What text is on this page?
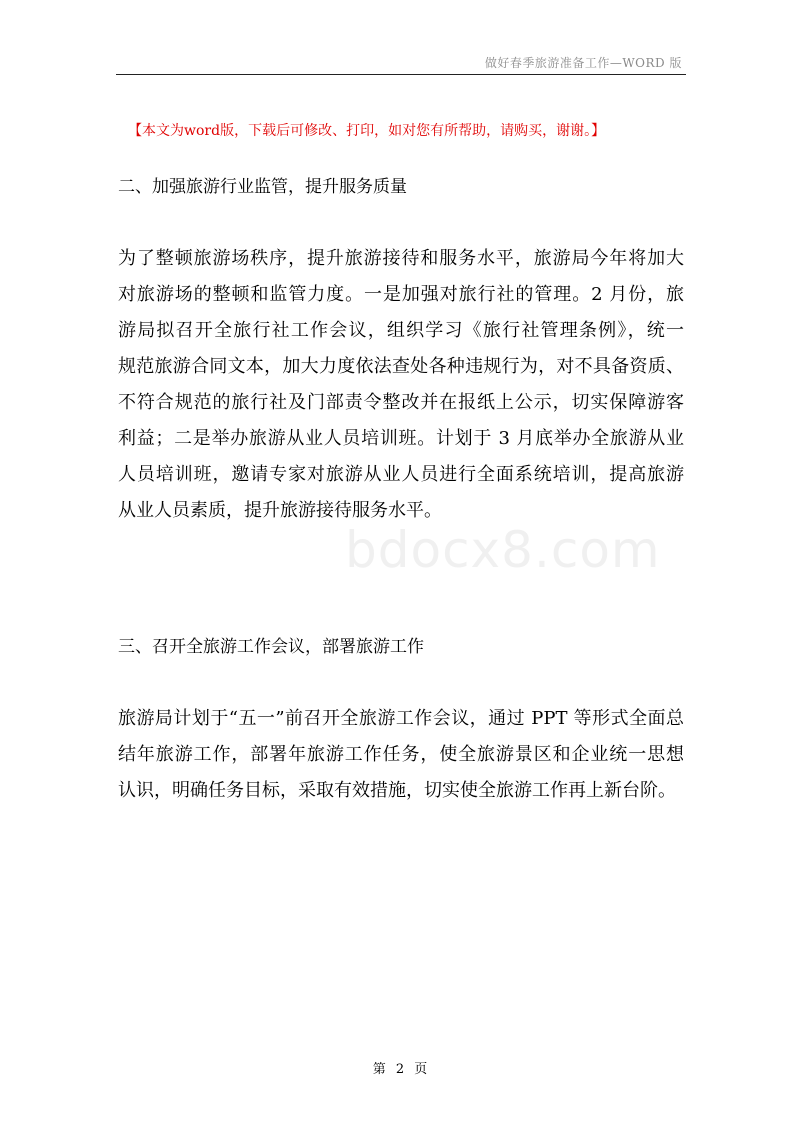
做好春季旅游准备工作—WORD 版
【本文为word版，下载后可修改、打印，如对您有所帮助，请购买，谢谢。】
二、加强旅游行业监管，提升服务质量
为了整顿旅游场秩序，提升旅游接待和服务水平，旅游局今年将加大
对旅游场的整顿和监管力度。一是加强对旅行社的管理。2 月份，旅
游局拟召开全旅行社工作会议，组织学习《旅行社管理条例》，统一
规范旅游合同文本，加大力度依法查处各种违规行为，对不具备资质、
不符合规范的旅行社及门部责令整改并在报纸上公示，切实保障游客
利益；二是举办旅游从业人员培训班。计划于 3 月底举办全旅游从业
人员培训班，邀请专家对旅游从业人员进行全面系统培训，提高旅游
从业人员素质，提升旅游接待服务水平。
bdocx8.com
三、召开全旅游工作会议，部署旅游工作
旅游局计划于“五一”前召开全旅游工作会议，通过 PPT 等形式全面总
结年旅游工作，部署年旅游工作任务，使全旅游景区和企业统一思想
认识，明确任务目标，采取有效措施，切实使全旅游工作再上新台阶。
第 2 页
